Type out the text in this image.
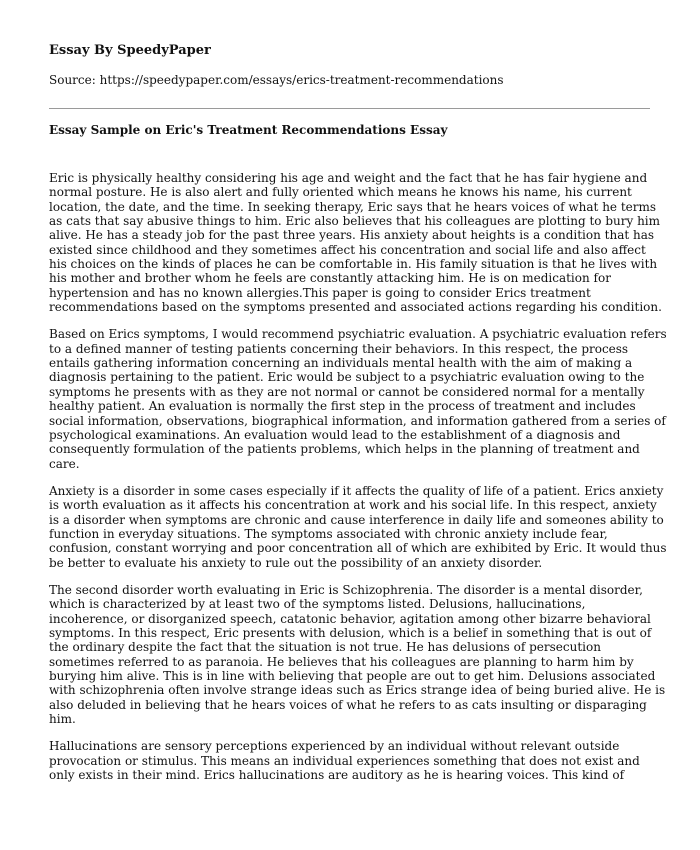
Essay By SpeedyPaper
Source: https://speedypaper.com/essays/erics-treatment-recommendations
Essay Sample on Eric's Treatment Recommendations Essay
Eric is physically healthy considering his age and weight and the fact that he has fair hygiene and
normal posture. He is also alert and fully oriented which means he knows his name, his current
location, the date, and the time. In seeking therapy, Eric says that he hears voices of what he terms
as cats that say abusive things to him. Eric also believes that his colleagues are plotting to bury him
alive. He has a steady job for the past three years. His anxiety about heights is a condition that has
existed since childhood and they sometimes affect his concentration and social life and also affect
his choices on the kinds of places he can be comfortable in. His family situation is that he lives with
his mother and brother whom he feels are constantly attacking him. He is on medication for
hypertension and has no known allergies.This paper is going to consider Erics treatment
recommendations based on the symptoms presented and associated actions regarding his condition.
Based on Erics symptoms, I would recommend psychiatric evaluation. A psychiatric evaluation refers
to a defined manner of testing patients concerning their behaviors. In this respect, the process
entails gathering information concerning an individuals mental health with the aim of making a
diagnosis pertaining to the patient. Eric would be subject to a psychiatric evaluation owing to the
symptoms he presents with as they are not normal or cannot be considered normal for a mentally
healthy patient. An evaluation is normally the first step in the process of treatment and includes
social information, observations, biographical information, and information gathered from a series of
psychological examinations. An evaluation would lead to the establishment of a diagnosis and
consequently formulation of the patients problems, which helps in the planning of treatment and
care.
Anxiety is a disorder in some cases especially if it affects the quality of life of a patient. Erics anxiety
is worth evaluation as it affects his concentration at work and his social life. In this respect, anxiety
is a disorder when symptoms are chronic and cause interference in daily life and someones ability to
function in everyday situations. The symptoms associated with chronic anxiety include fear,
confusion, constant worrying and poor concentration all of which are exhibited by Eric. It would thus
be better to evaluate his anxiety to rule out the possibility of an anxiety disorder.
The second disorder worth evaluating in Eric is Schizophrenia. The disorder is a mental disorder,
which is characterized by at least two of the symptoms listed. Delusions, hallucinations,
incoherence, or disorganized speech, catatonic behavior, agitation among other bizarre behavioral
symptoms. In this respect, Eric presents with delusion, which is a belief in something that is out of
the ordinary despite the fact that the situation is not true. He has delusions of persecution
sometimes referred to as paranoia. He believes that his colleagues are planning to harm him by
burying him alive. This is in line with believing that people are out to get him. Delusions associated
with schizophrenia often involve strange ideas such as Erics strange idea of being buried alive. He is
also deluded in believing that he hears voices of what he refers to as cats insulting or disparaging
him.
Hallucinations are sensory perceptions experienced by an individual without relevant outside
provocation or stimulus. This means an individual experiences something that does not exist and
only exists in their mind. Erics hallucinations are auditory as he is hearing voices. This kind of
